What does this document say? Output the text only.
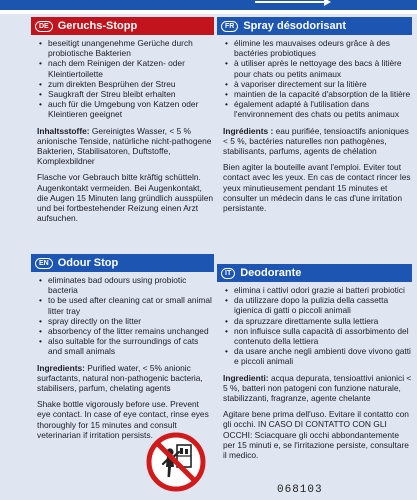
DE Geruchs-Stopp
• beseitigt unangenehme Gerüche durch probiotische Bakterien
• nach dem Reinigen der Katzen- oder Kleintiertoilette
• zum direkten Besprühen der Streu
• Saugkraft der Streu bleibt erhalten
• auch für die Umgebung von Katzen oder Kleintieren geeignet
Inhaltsstoffe: Gereinigtes Wasser, < 5 % anionische Tenside, natürliche nicht-pathogene Bakterien, Stabilisatoren, Duftstoffe, Komplexbildner
Flasche vor Gebrauch bitte kräftig schütteln. Augenkontakt vermeiden. Bei Augenkontakt, die Augen 15 Minuten lang gründlich ausspülen und bei fortbestehender Reizung einen Arzt aufsuchen.
FR Spray désodorisant
• élimine les mauvaises odeurs grâce à des bactéries probiotiques
• à utiliser après le nettoyage des bacs à litière pour chats ou petits animaux
• à vaporiser directement sur la litière
• maintien de la capacité d'absorption de la litière
• également adapté à l'utilisation dans l'environnement des chats ou petits animaux
Ingrédients : eau purifiée, tensioactifs anioniques < 5 %, bactéries naturelles non pathogènes, stabilisants, parfums, agents de chélation
Bien agiter la bouteille avant l'emploi. Eviter tout contact avec les yeux. En cas de contact rincer les yeux minutieusement pendant 15 minutes et consulter un médecin dans le cas d'une irritation persistante.
EN Odour Stop
• eliminates bad odours using probiotic bacteria
• to be used after cleaning cat or small animal litter tray
• spray directly on the litter
• absorbency of the litter remains unchanged
• also suitable for the surroundings of cats and small animals
Ingredients: Purified water, < 5% anionic surfactants, natural non-pathogenic bacteria, stabilisers, parfum, chelating agents
Shake bottle vigorously before use. Prevent eye contact. In case of eye contact, rinse eyes thoroughly for 15 minutes and consult veterinarian if irritation persists.
IT Deodorante
• elimina i cattivi odori grazie ai batteri probiotici
• da utilizzare dopo la pulizia della cassetta igienica di gatti o piccoli animali
• da spruzzare direttamente sulla lettiera
• non influisce sulla capacità di assorbimento del contenuto della lettiera
• da usare anche negli ambienti dove vivono gatti e piccoli animali
Ingredienti: acqua depurata, tensioattivi anionici < 5 %, batteri non patogeni con funzione naturale, stabilizzanti, fragranze, agente chelante
Agitare bene prima dell'uso. Evitare il contatto con gli occhi. IN CASO DI CONTATTO CON GLI OCCHI: Sciacquare gli occhi abbondantemente per 15 minuti e, se l'irritazione persiste, consultare il medico.
068103
